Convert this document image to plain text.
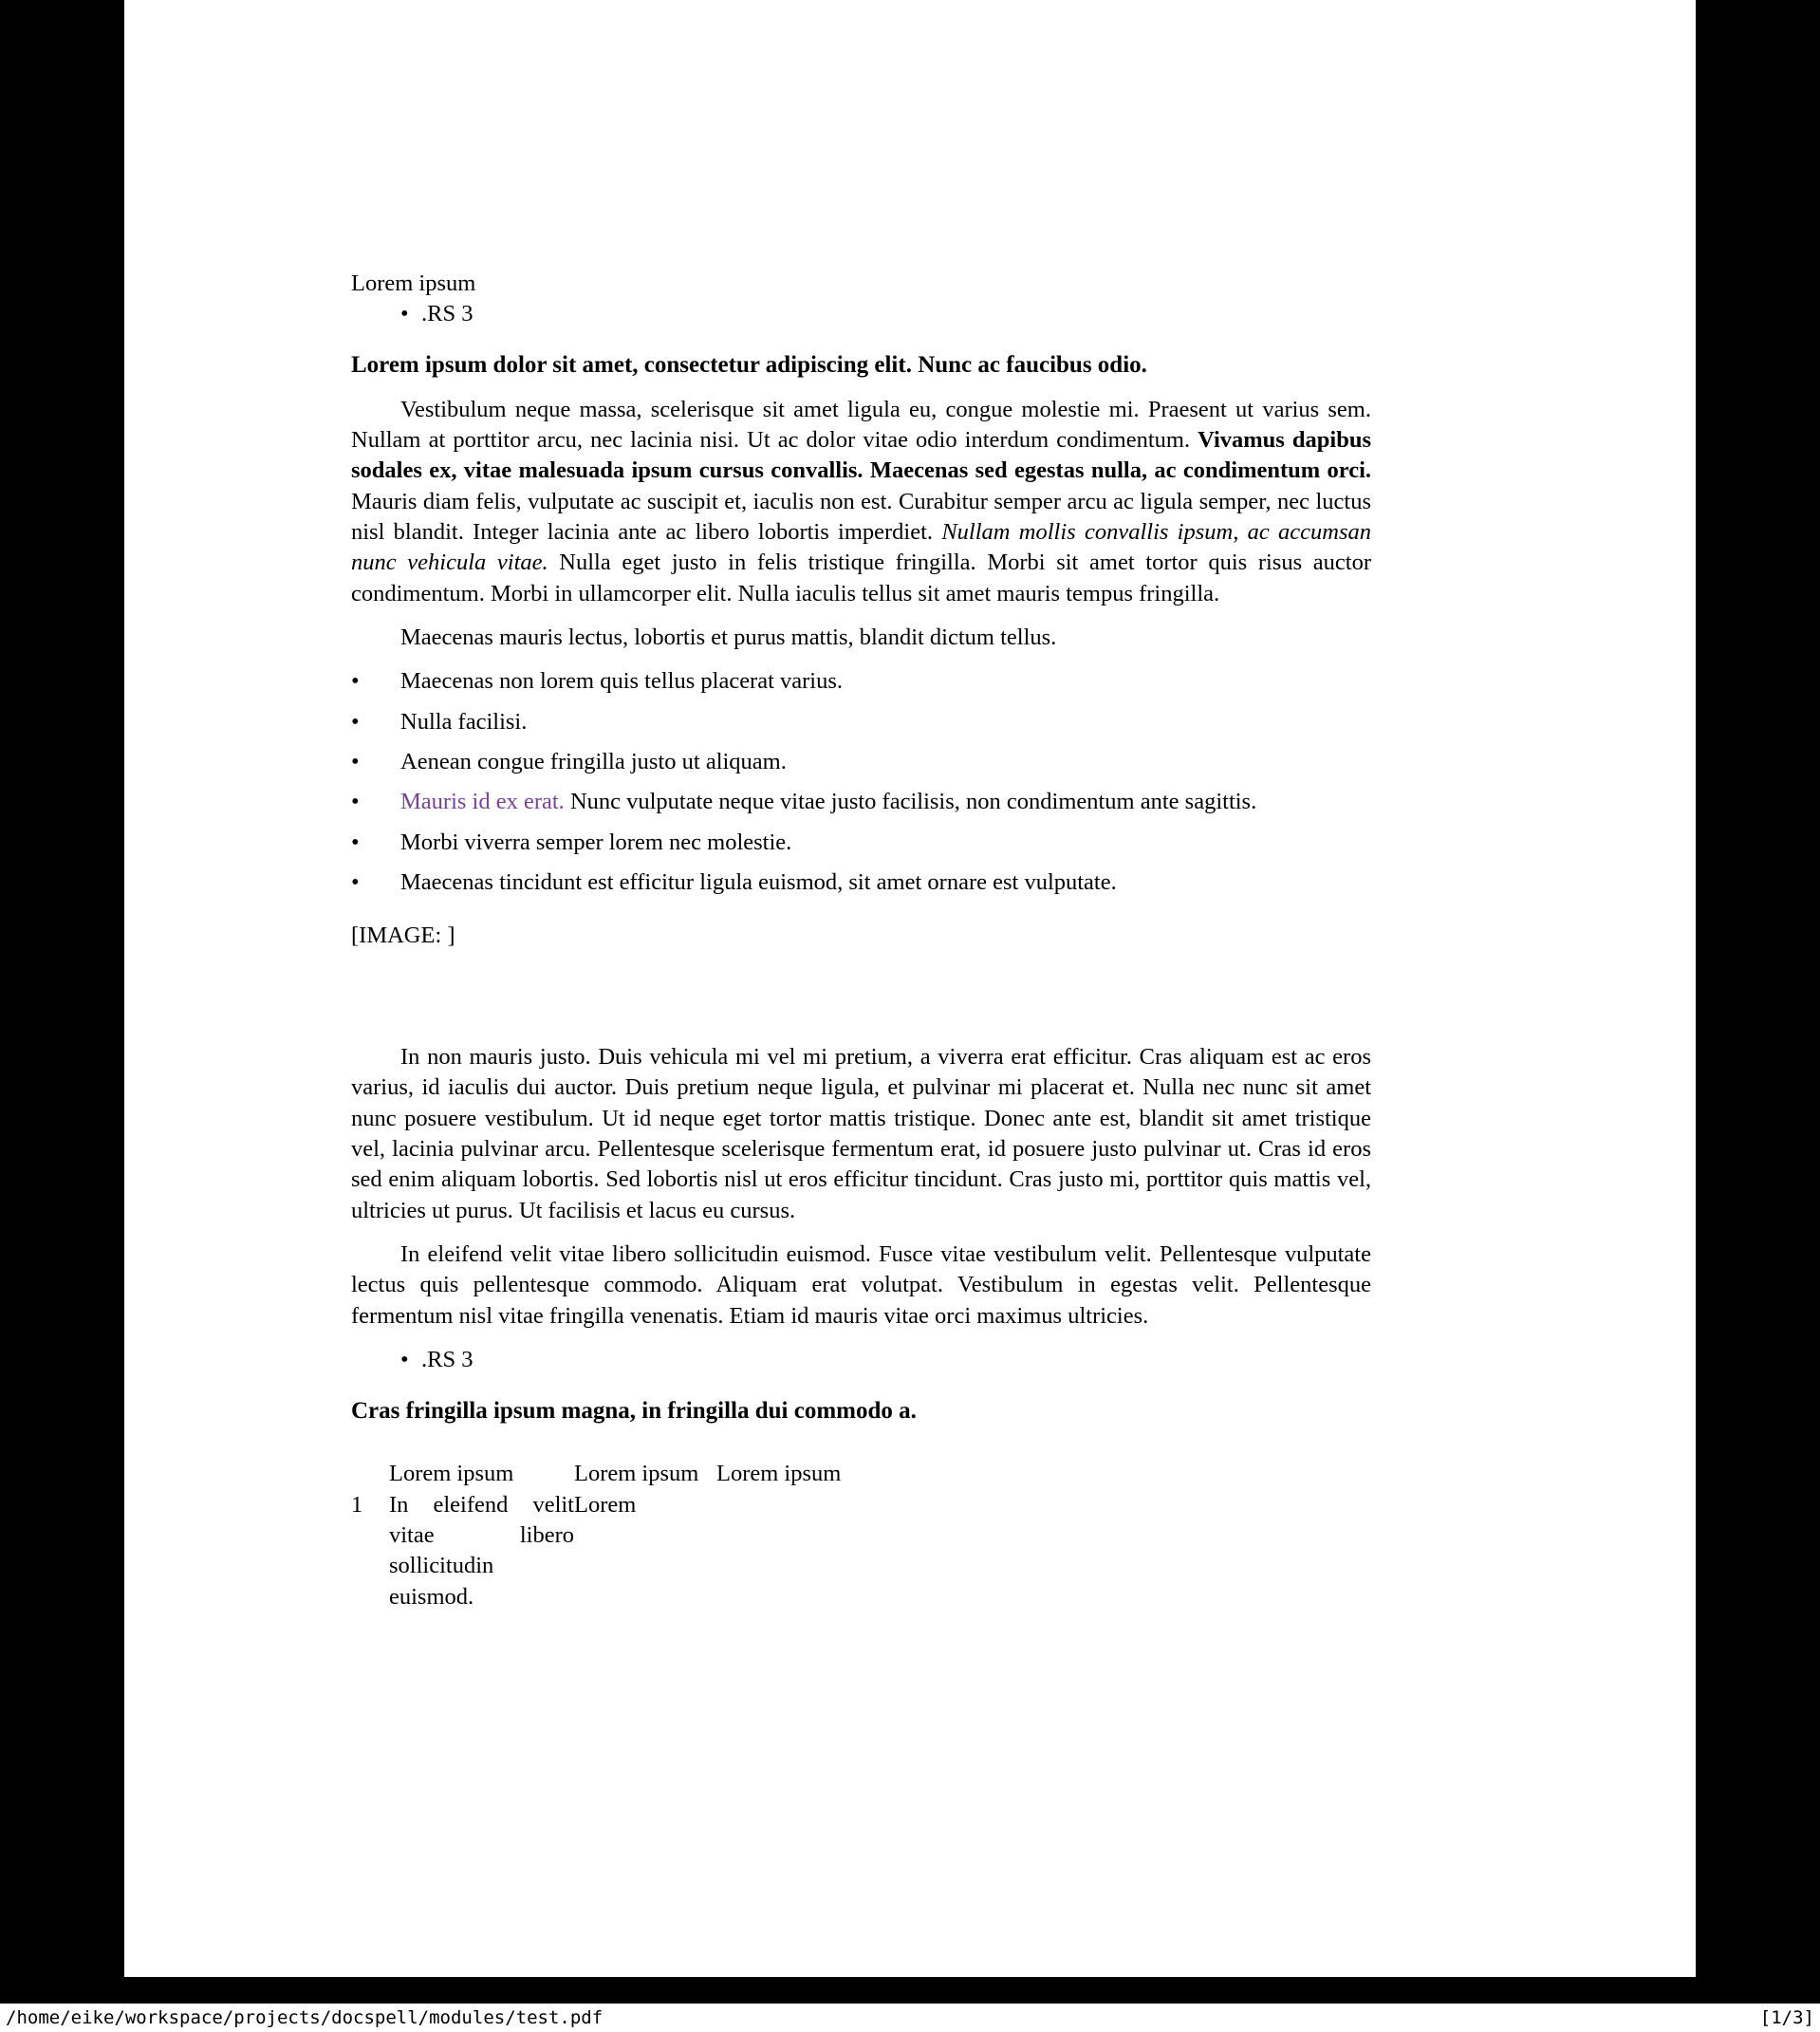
Lorem ipsum

• .RS 3
Lorem ipsum dolor sit amet, consectetur adipiscing elit. Nunc ac faucibus odio.

Vestibulum neque massa, scelerisque sit amet ligula eu, congue molestie mi. Praesent ut varius sem. Nullam at porttitor arcu, nec lacinia nisi. Ut ac dolor vitae odio interdum condimentum. Vivamus dapibus sodales ex, vitae malesuada ipsum cursus convallis. Maecenas sed egestas nulla, ac condimentum orci. Mauris diam felis, vulputate ac suscipit et, iaculis non est. Curabitur semper arcu ac ligula semper, nec luctus nisl blandit. Integer lacinia ante ac libero lobortis imperdiet. Nullam mollis convallis ipsum, ac accumsan nunc vehicula vitae. Nulla eget justo in felis tristique fringilla. Morbi sit amet tortor quis risus auctor condimentum. Morbi in ullamcorper elit. Nulla iaculis tellus sit amet mauris tempus fringilla.

Maecenas mauris lectus, lobortis et purus mattis, blandit dictum tellus.

• Maecenas non lorem quis tellus placerat varius.
• Nulla facilisi.
• Aenean congue fringilla justo ut aliquam.
• Mauris id ex erat. Nunc vulputate neque vitae justo facilisis, non condimentum ante sagittis.
• Morbi viverra semper lorem nec molestie.
• Maecenas tincidunt est efficitur ligula euismod, sit amet ornare est vulputate.

[IMAGE: ]

In non mauris justo. Duis vehicula mi vel mi pretium, a viverra erat efficitur. Cras aliquam est ac eros varius, id iaculis dui auctor. Duis pretium neque ligula, et pulvinar mi placerat et. Nulla nec nunc sit amet nunc posuere vestibulum. Ut id neque eget tortor mattis tristique. Donec ante est, blandit sit amet tristique vel, lacinia pulvinar arcu. Pellentesque scelerisque fermentum erat, id posuere justo pulvinar ut. Cras id eros sed enim aliquam lobortis. Sed lobortis nisl ut eros efficitur tincidunt. Cras justo mi, porttitor quis mattis vel, ultricies ut purus. Ut facilisis et lacus eu cursus.

In eleifend velit vitae libero sollicitudin euismod. Fusce vitae vestibulum velit. Pellentesque vulputate lectus quis pellentesque commodo. Aliquam erat volutpat. Vestibulum in egestas velit. Pellentesque fermentum nisl vitae fringilla venenatis. Etiam id mauris vitae orci maximus ultricies.

• .RS 3
Cras fringilla ipsum magna, in fringilla dui commodo a.
	Lorem ipsum	Lorem ipsum	Lorem ipsum
1	In eleifend velit vitae libero sollicitudin euismod.	Lorem	
/home/eike/workspace/projects/docspell/modules/test.pdf	[1/3]
